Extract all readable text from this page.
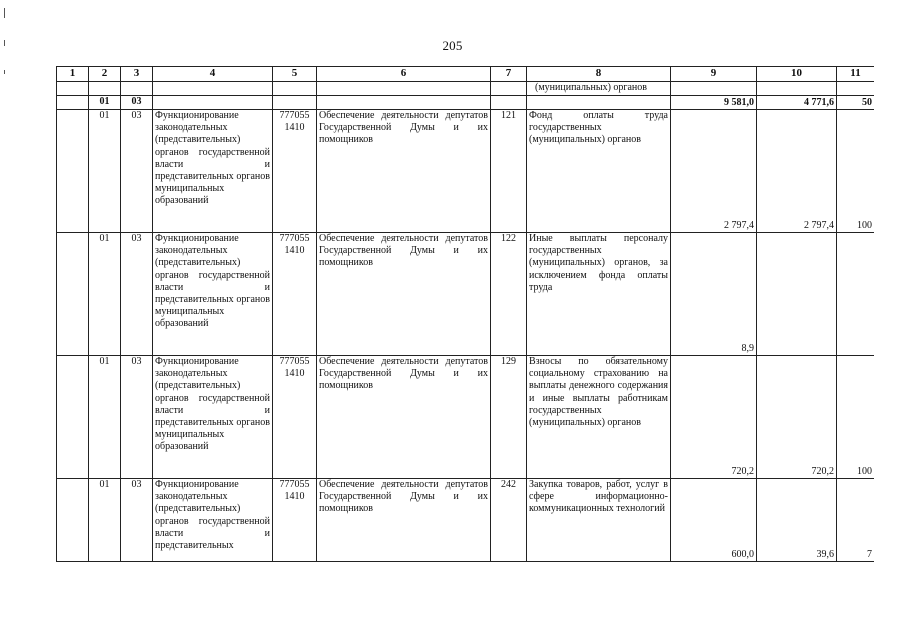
205
1	2	3	4	5	6	7	8	9	10	11
							(муниципальных) органов			
	01	03						9 581,0	4 771,6	50
	01	03	Функционирование законодательных (представительных) органов государственной власти и представительных органов муниципальных образований	777055 1410	Обеспечение деятельности депутатов Государственной Думы и их помощников	121	Фонд оплаты труда государственных (муниципальных) органов	2 797,4	2 797,4	100
	01	03	Функционирование законодательных (представительных) органов государственной власти и представительных органов муниципальных образований	777055 1410	Обеспечение деятельности депутатов Государственной Думы и их помощников	122	Иные выплаты персоналу государственных (муниципальных) органов, за исключением фонда оплаты труда	8,9		
	01	03	Функционирование законодательных (представительных) органов государственной власти и представительных органов муниципальных образований	777055 1410	Обеспечение деятельности депутатов Государственной Думы и их помощников	129	Взносы по обязательному социальному страхованию на выплаты денежного содержания и иные выплаты работникам государственных (муниципальных) органов	720,2	720,2	100
	01	03	Функционирование законодательных (представительных) органов государственной власти и представительных	777055 1410	Обеспечение деятельности депутатов Государственной Думы и их помощников	242	Закупка товаров, работ, услуг в сфере информационно-коммуникационных технологий	600,0	39,6	7
